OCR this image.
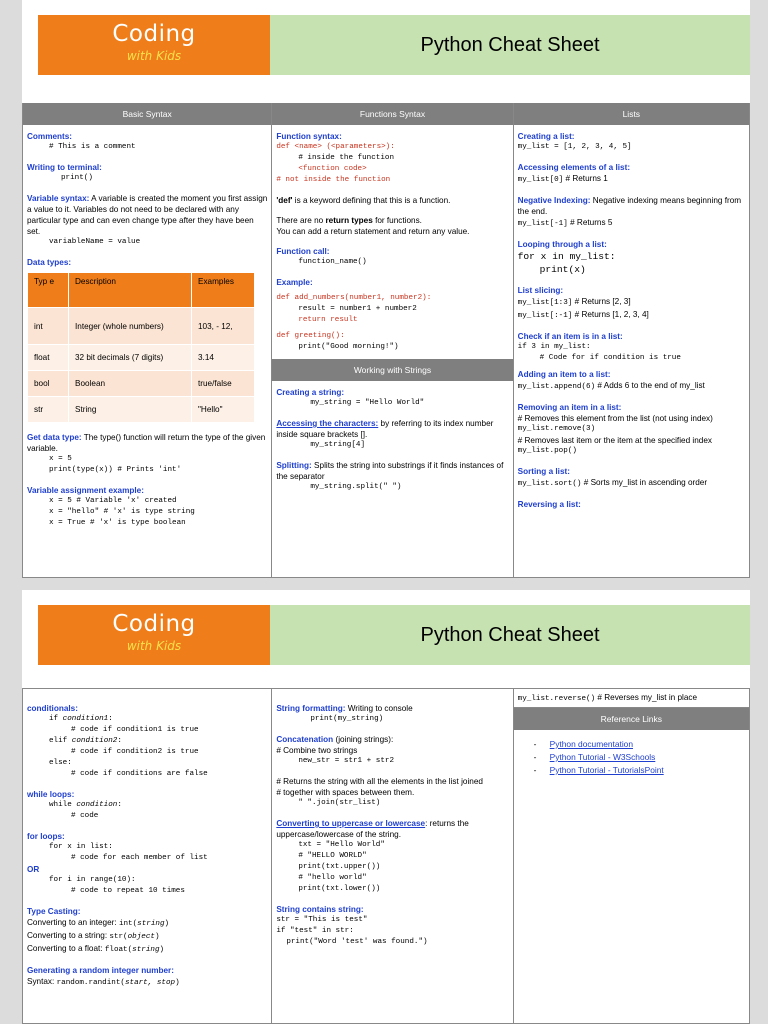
Coding
with Kids
Python Cheat Sheet
Basic Syntax
Comments:
# This is a comment
Writing to terminal:
print()
Variable syntax: A variable is created the moment you first assign a value to it. Variables do not need to be declared with any particular type and can even change type after they have been set.
variableName = value
Data types:
Typ e	Description	Examples
int	Integer (whole numbers)	103, - 12,
float	32 bit decimals (7 digits)	3.14
bool	Boolean	true/false
str	String	"Hello"
Get data type: The type() function will return the type of the given variable.
x = 5
print(type(x)) # Prints 'int'
Variable assignment example:
x = 5 # Variable 'x' created
x = "hello" # 'x' is type string
x = True # 'x' is type boolean
Functions Syntax
Function syntax:
def <name> (<parameters>):
# inside the function
<function code>
# not inside the function
'def' is a keyword defining that this is a function.
There are no return types for functions.
You can add a return statement and return any value.
Function call:
function_name()
Example:
def add_numbers(number1, number2):
result = number1 + number2
return result
def greeting():
print("Good morning!")
Working with Strings
Creating a string:
my_string = "Hello World"
Accessing the characters: by referring to its index number inside square brackets [].
my_string[4]
Splitting: Splits the string into substrings if it finds instances of the separator
my_string.split(" ")
Lists
Creating a list:
my_list = [1, 2, 3, 4, 5]
Accessing elements of a list:
my_list[0] # Returns 1
Negative Indexing: Negative indexing means beginning from the end.
my_list[-1] # Returns 5
Looping through a list:
for x in my_list:
print(x)
List slicing:
my_list[1:3] # Returns [2, 3]
my_list[:-1] # Returns [1, 2, 3, 4]
Check if an item is in a list:
if 3 in my_list:
# Code for if condition is true
Adding an item to a list:
my_list.append(6) # Adds 6 to the end of my_list
Removing an item in a list:
# Removes this element from the list (not using index)
my_list.remove(3)
# Removes last item or the item at the specified index
my_list.pop()
Sorting a list:
my_list.sort() # Sorts my_list in ascending order
Reversing a list:
Coding
with Kids
Python Cheat Sheet
conditionals:
if condition1:
# code if condition1 is true
elif condition2:
# code if condition2 is true
else:
# code if conditions are false
while loops:
while condition:
# code
for loops:
for x in list:
# code for each member of list
OR
for i in range(10):
# code to repeat 10 times
Type Casting:
Converting to an integer: int(string)
Converting to a string: str(object)
Converting to a float: float(string)
Generating a random integer number:
Syntax: random.randint(start, stop)
String formatting: Writing to console
print(my_string)
Concatenation (joining strings):
# Combine two strings
new_str = str1 + str2
# Returns the string with all the elements in the list joined
# together with spaces between them.
" ".join(str_list)
Converting to uppercase or lowercase: returns the uppercase/lowercase of the string.
txt = "Hello World"
# "HELLO WORLD"
print(txt.upper())
# "hello world"
print(txt.lower())
String contains string:
str = "This is test"
if "test" in str:
print("Word 'test' was found.")
my_list.reverse() # Reverses my_list in place
Reference Links
- Python documentation
- Python Tutorial - W3Schools
- Python Tutorial - TutorialsPoint
